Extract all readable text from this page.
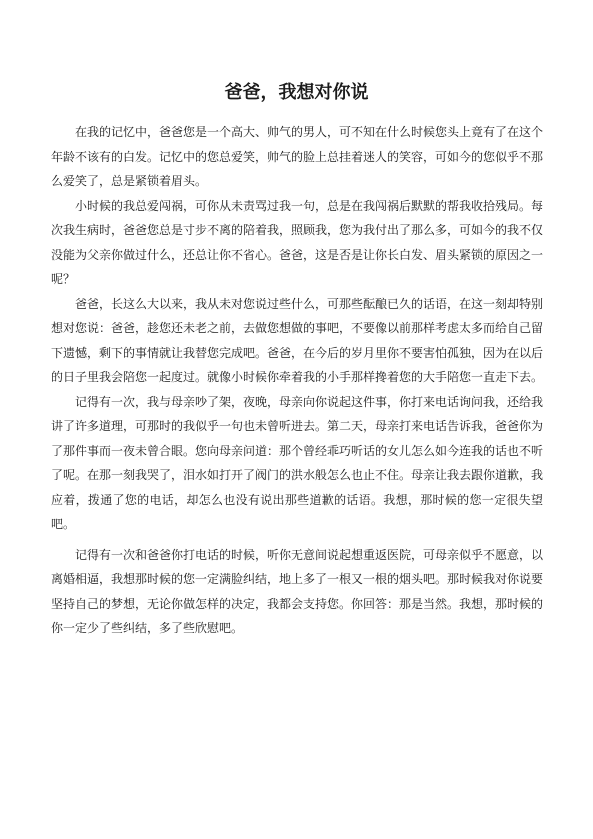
爸爸，我想对你说

在我的记忆中，爸爸您是一个高大、帅气的男人，可不知在什么时候您头上竟有了在这个年龄不该有的白发。记忆中的您总爱笑，帅气的脸上总挂着迷人的笑容，可如今的您似乎不那么爱笑了，总是紧锁着眉头。

小时候的我总爱闯祸，可你从未责骂过我一句，总是在我闯祸后默默的帮我收拾残局。每次我生病时，爸爸您总是寸步不离的陪着我，照顾我，您为我付出了那么多，可如今的我不仅没能为父亲你做过什么，还总让你不省心。爸爸，这是否是让你长白发、眉头紧锁的原因之一呢？

爸爸，长这么大以来，我从未对您说过些什么，可那些酝酿已久的话语，在这一刻却特别想对您说：爸爸，趁您还未老之前，去做您想做的事吧，不要像以前那样考虑太多而给自己留下遗憾，剩下的事情就让我替您完成吧。爸爸，在今后的岁月里你不要害怕孤独，因为在以后的日子里我会陪您一起度过。就像小时候你牵着我的小手那样搀着您的大手陪您一直走下去。

记得有一次，我与母亲吵了架，夜晚，母亲向你说起这件事，你打来电话询问我，还给我讲了许多道理，可那时的我似乎一句也未曾听进去。第二天，母亲打来电话告诉我，爸爸你为了那件事而一夜未曾合眼。您向母亲问道：那个曾经乖巧听话的女儿怎么如今连我的话也不听了呢。在那一刻我哭了，泪水如打开了阀门的洪水般怎么也止不住。母亲让我去跟你道歉，我应着，拨通了您的电话，却怎么也没有说出那些道歉的话语。我想，那时候的您一定很失望吧。

记得有一次和爸爸你打电话的时候，听你无意间说起想重返医院，可母亲似乎不愿意，以离婚相逼，我想那时候的您一定满脸纠结，地上多了一根又一根的烟头吧。那时候我对你说要坚持自己的梦想，无论你做怎样的决定，我都会支持您。你回答：那是当然。我想，那时候的你一定少了些纠结，多了些欣慰吧。
